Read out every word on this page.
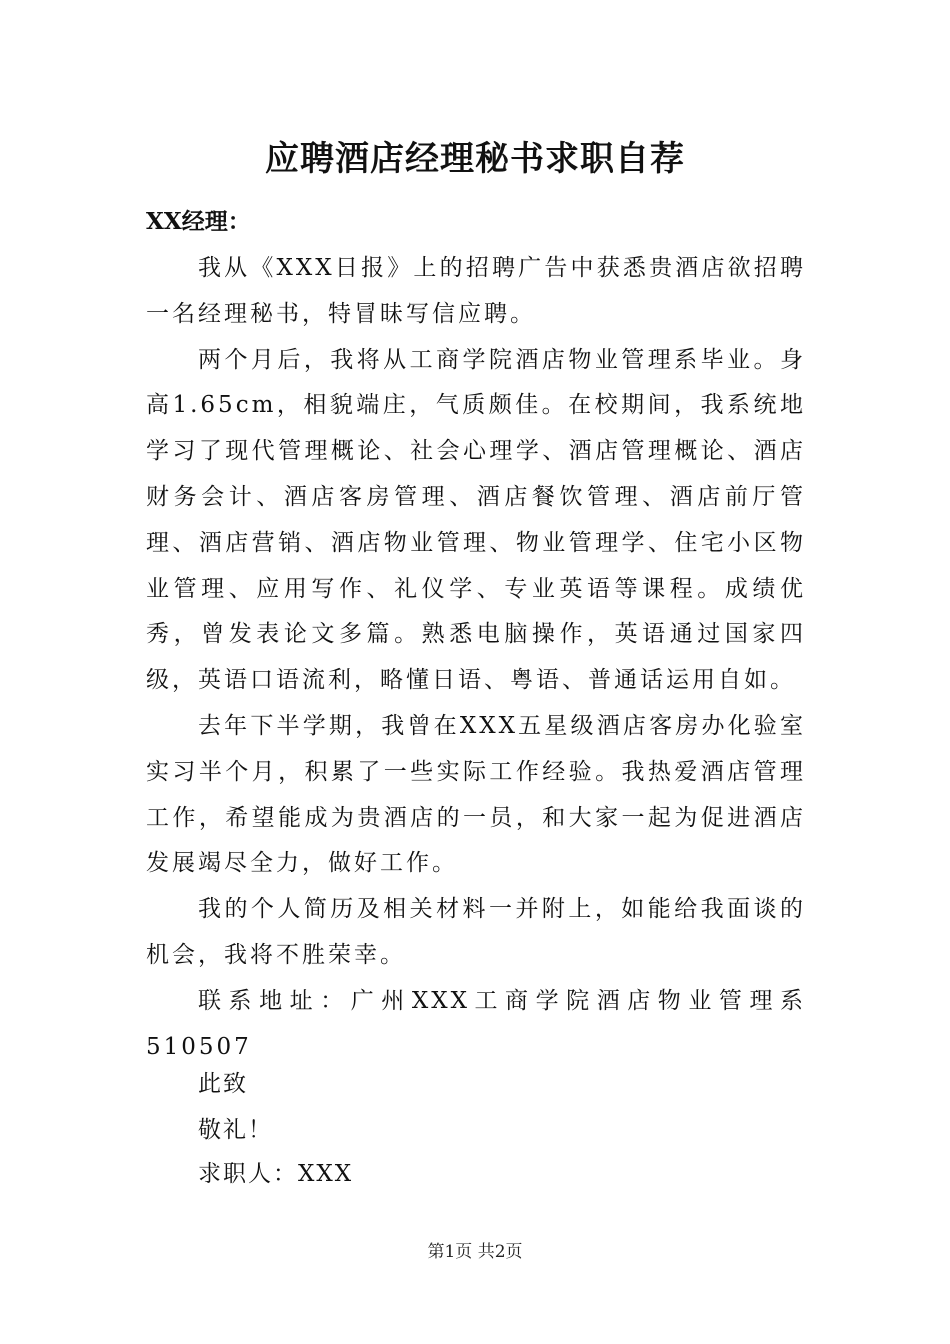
应聘酒店经理秘书求职自荐
XX经理：

我从《XXX日报》上的招聘广告中获悉贵酒店欲招聘一名经理秘书，特冒昧写信应聘。

两个月后，我将从工商学院酒店物业管理系毕业。身高1.65cm，相貌端庄，气质颇佳。在校期间，我系统地学习了现代管理概论、社会心理学、酒店管理概论、酒店财务会计、酒店客房管理、酒店餐饮管理、酒店前厅管理、酒店营销、酒店物业管理、物业管理学、住宅小区物业管理、应用写作、礼仪学、专业英语等课程。成绩优秀，曾发表论文多篇。熟悉电脑操作，英语通过国家四级，英语口语流利，略懂日语、粤语、普通话运用自如。

去年下半学期，我曾在XXX五星级酒店客房办化验室实习半个月，积累了一些实际工作经验。我热爱酒店管理工作，希望能成为贵酒店的一员，和大家一起为促进酒店发展竭尽全力，做好工作。

我的个人简历及相关材料一并附上，如能给我面谈的机会，我将不胜荣幸。

联系地址：广州XXX工商学院酒店物业管理系510507

此致
敬礼！
求职人：XXX
第1页 共2页
